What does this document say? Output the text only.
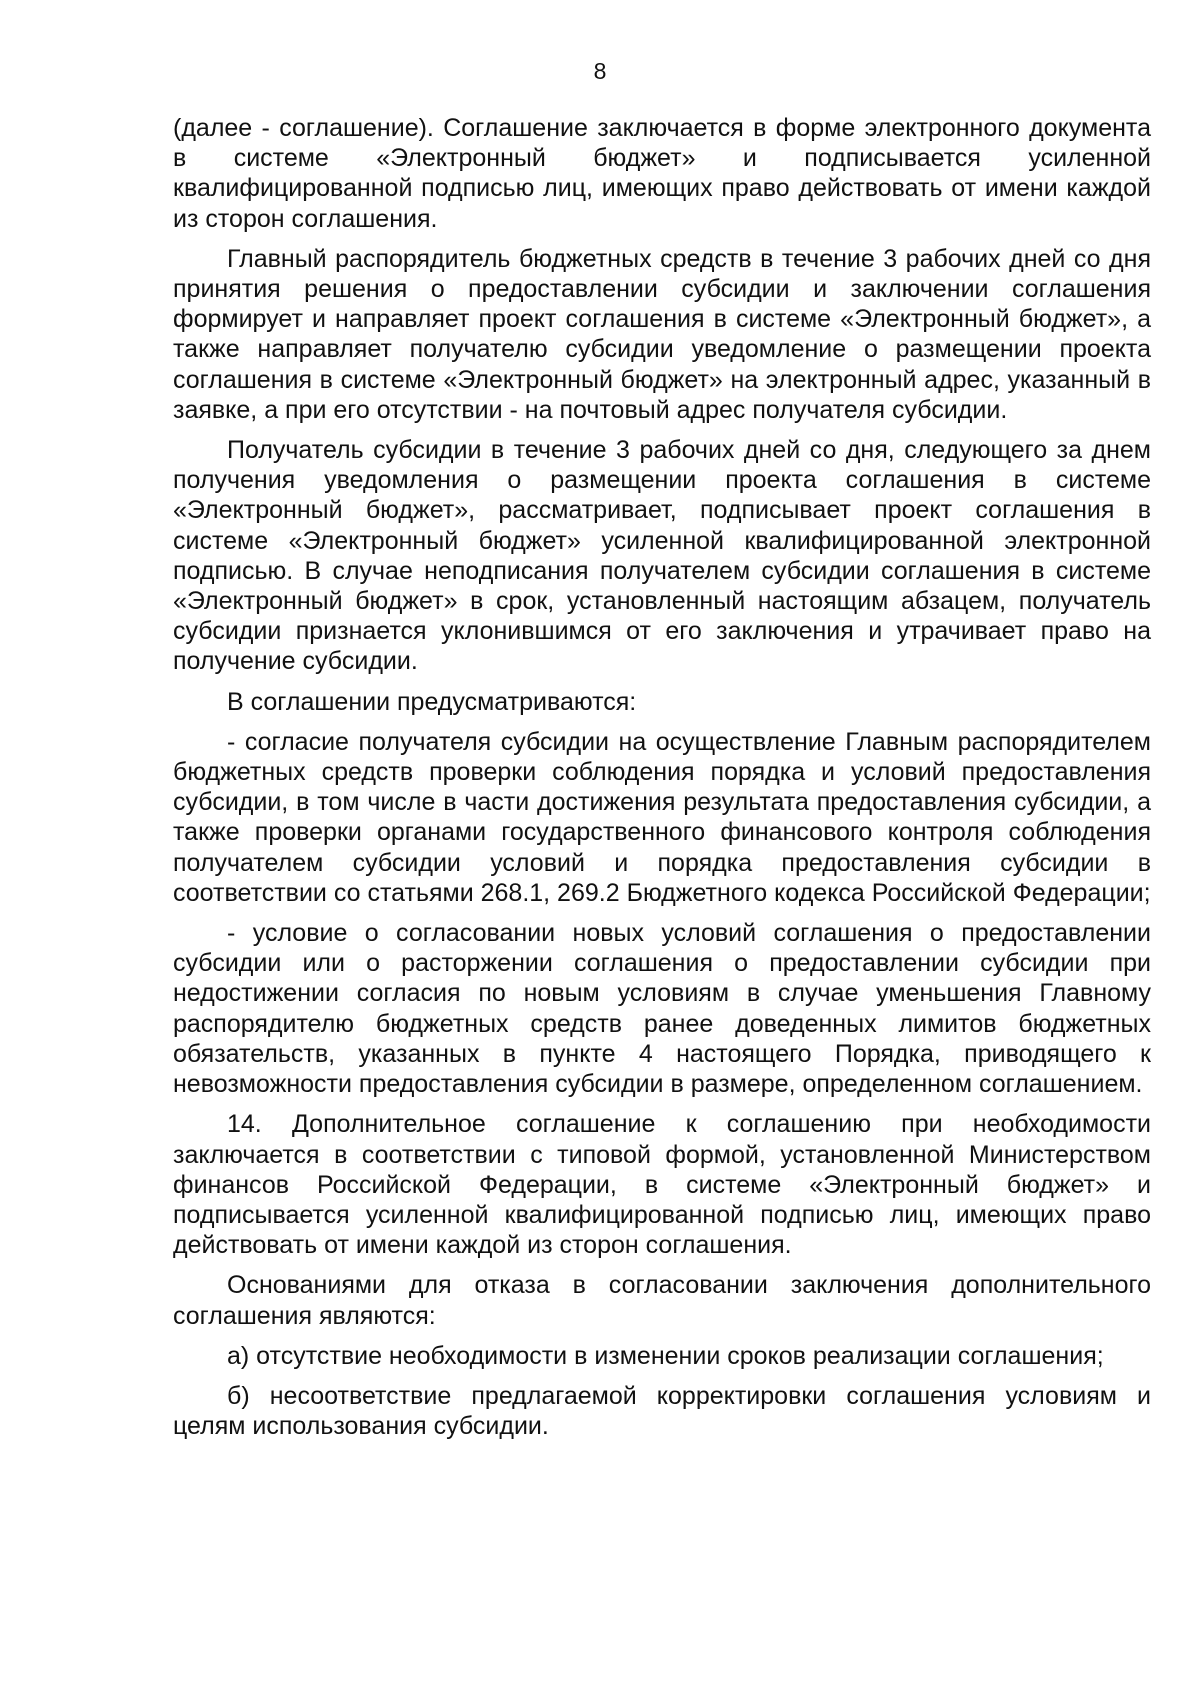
8

(далее - соглашение). Соглашение заключается в форме электронного документа в системе «Электронный бюджет» и подписывается усиленной квалифицированной подписью лиц, имеющих право действовать от имени каждой из сторон соглашения.

Главный распорядитель бюджетных средств в течение 3 рабочих дней со дня принятия решения о предоставлении субсидии и заключении соглашения формирует и направляет проект соглашения в системе «Электронный бюджет», а также направляет получателю субсидии уведомление о размещении проекта соглашения в системе «Электронный бюджет» на электронный адрес, указанный в заявке, а при его отсутствии - на почтовый адрес получателя субсидии.

Получатель субсидии в течение 3 рабочих дней со дня, следующего за днем получения уведомления о размещении проекта соглашения в системе «Электронный бюджет», рассматривает, подписывает проект соглашения в системе «Электронный бюджет» усиленной квалифицированной электронной подписью. В случае неподписания получателем субсидии соглашения в системе «Электронный бюджет» в срок, установленный настоящим абзацем, получатель субсидии признается уклонившимся от его заключения и утрачивает право на получение субсидии.

В соглашении предусматриваются:

- согласие получателя субсидии на осуществление Главным распорядителем бюджетных средств проверки соблюдения порядка и условий предоставления субсидии, в том числе в части достижения результата предоставления субсидии, а также проверки органами государственного финансового контроля соблюдения получателем субсидии условий и порядка предоставления субсидии в соответствии со статьями 268.1, 269.2 Бюджетного кодекса Российской Федерации;

- условие о согласовании новых условий соглашения о предоставлении субсидии или о расторжении соглашения о предоставлении субсидии при недостижении согласия по новым условиям в случае уменьшения Главному распорядителю бюджетных средств ранее доведенных лимитов бюджетных обязательств, указанных в пункте 4 настоящего Порядка, приводящего к невозможности предоставления субсидии в размере, определенном соглашением.

14. Дополнительное соглашение к соглашению при необходимости заключается в соответствии с типовой формой, установленной Министерством финансов Российской Федерации, в системе «Электронный бюджет» и подписывается усиленной квалифицированной подписью лиц, имеющих право действовать от имени каждой из сторон соглашения.

Основаниями для отказа в согласовании заключения дополнительного соглашения являются:

а) отсутствие необходимости в изменении сроков реализации соглашения;

б) несоответствие предлагаемой корректировки соглашения условиям и целям использования субсидии.
